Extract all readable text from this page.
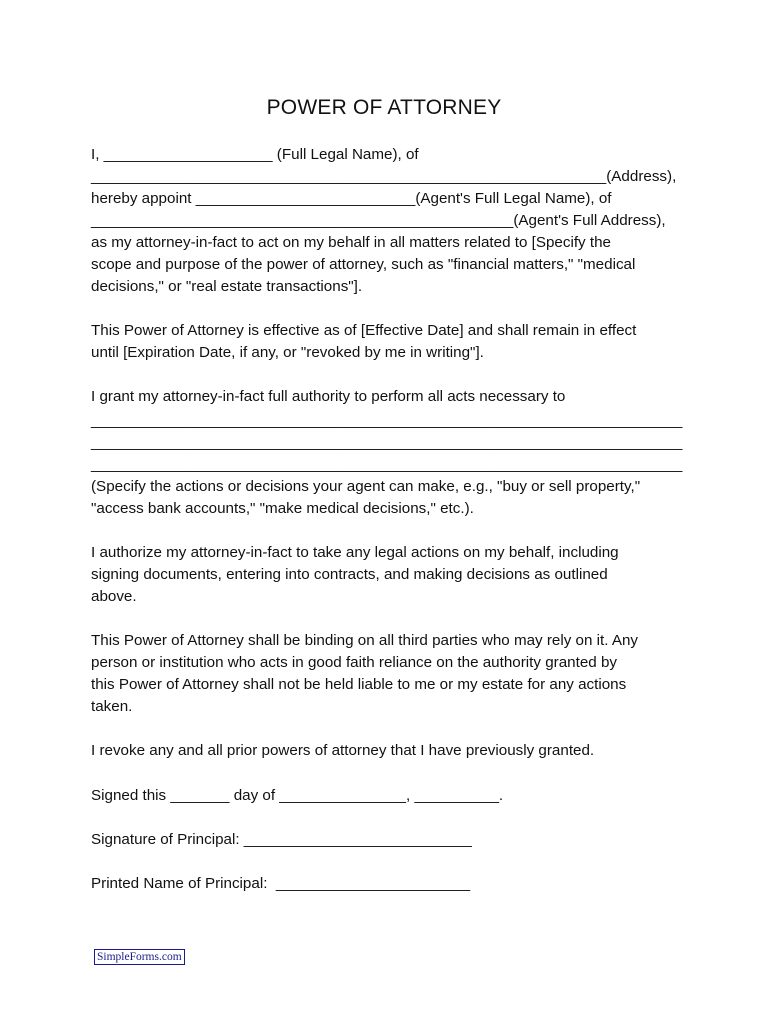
POWER OF ATTORNEY
I, ____________________ (Full Legal Name), of
_____________________________________________________________(Address),
hereby appoint __________________________(Agent's Full Legal Name), of
__________________________________________________(Agent's Full Address),
as my attorney-in-fact to act on my behalf in all matters related to [Specify the
scope and purpose of the power of attorney, such as "financial matters," "medical
decisions," or "real estate transactions"].
This Power of Attorney is effective as of [Effective Date] and shall remain in effect
until [Expiration Date, if any, or "revoked by me in writing"].
I grant my attorney-in-fact full authority to perform all acts necessary to
______________________________________________________________________
______________________________________________________________________
______________________________________________________________________
(Specify the actions or decisions your agent can make, e.g., "buy or sell property,"
"access bank accounts," "make medical decisions," etc.).
I authorize my attorney-in-fact to take any legal actions on my behalf, including
signing documents, entering into contracts, and making decisions as outlined
above.
This Power of Attorney shall be binding on all third parties who may rely on it. Any
person or institution who acts in good faith reliance on the authority granted by
this Power of Attorney shall not be held liable to me or my estate for any actions
taken.
I revoke any and all prior powers of attorney that I have previously granted.
Signed this _______ day of _______________, __________.
Signature of Principal: ___________________________
Printed Name of Principal:  _______________________
SimpleForms.com
